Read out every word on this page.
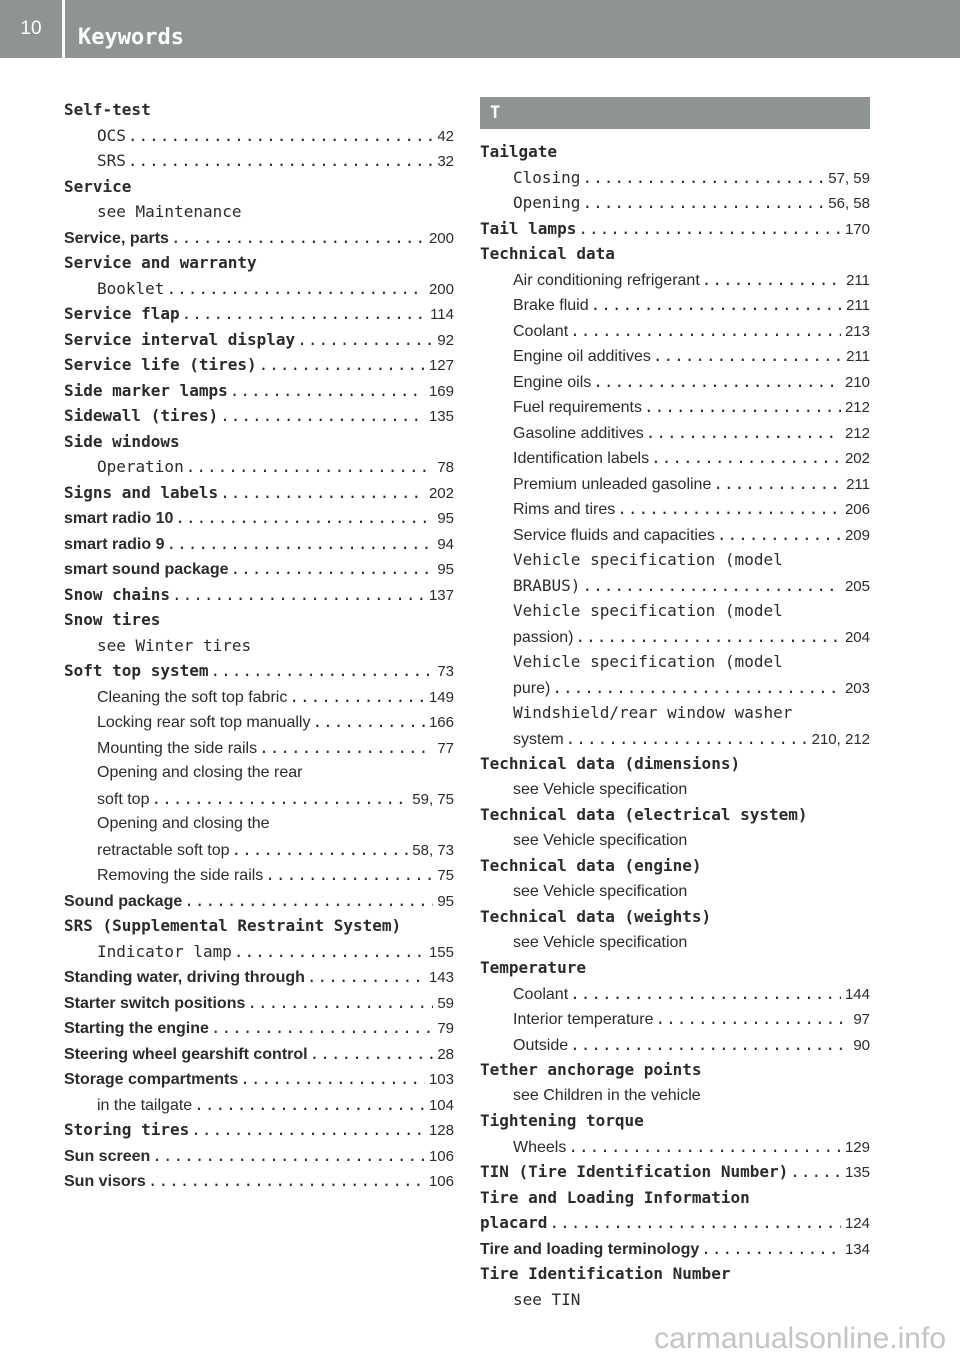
10	Keywords
Self-test
OCS .....	42
SRS .....	32
Service
see Maintenance
Service, parts .....	200
Service and warranty
Booklet .....	200
Service flap .....	114
Service interval display .....	92
Service life (tires) .....	127
Side marker lamps .....	169
Sidewall (tires) .....	135
Side windows
Operation .....	78
Signs and labels .....	202
smart radio 10 .....	95
smart radio 9 .....	94
smart sound package .....	95
Snow chains .....	137
Snow tires
see Winter tires
Soft top system .....	73
Cleaning the soft top fabric .....	149
Locking rear soft top manually .....	166
Mounting the side rails .....	77
Opening and closing the rear
soft top .....	59, 75
Opening and closing the
retractable soft top .....	58, 73
Removing the side rails .....	75
Sound package .....	95
SRS (Supplemental Restraint System)
Indicator lamp .....	155
Standing water, driving through .....	143
Starter switch positions .....	59
Starting the engine .....	79
Steering wheel gearshift control .....	28
Storage compartments .....	103
in the tailgate .....	104
Storing tires .....	128
Sun screen .....	106
Sun visors .....	106
T
Tailgate
Closing .....	57, 59
Opening .....	56, 58
Tail lamps .....	170
Technical data
Air conditioning refrigerant .....	211
Brake fluid .....	211
Coolant .....	213
Engine oil additives .....	211
Engine oils .....	210
Fuel requirements .....	212
Gasoline additives .....	212
Identification labels .....	202
Premium unleaded gasoline .....	211
Rims and tires .....	206
Service fluids and capacities .....	209
Vehicle specification (model
BRABUS) .....	205
Vehicle specification (model
passion) .....	204
Vehicle specification (model
pure) .....	203
Windshield/rear window washer
system .....	210, 212
Technical data (dimensions)
see Vehicle specification
Technical data (electrical system)
see Vehicle specification
Technical data (engine)
see Vehicle specification
Technical data (weights)
see Vehicle specification
Temperature
Coolant .....	144
Interior temperature .....	97
Outside .....	90
Tether anchorage points
see Children in the vehicle
Tightening torque
Wheels .....	129
TIN (Tire Identification Number) .....	135
Tire and Loading Information
placard .....	124
Tire and loading terminology .....	134
Tire Identification Number
see TIN
carmanualsonline.info
